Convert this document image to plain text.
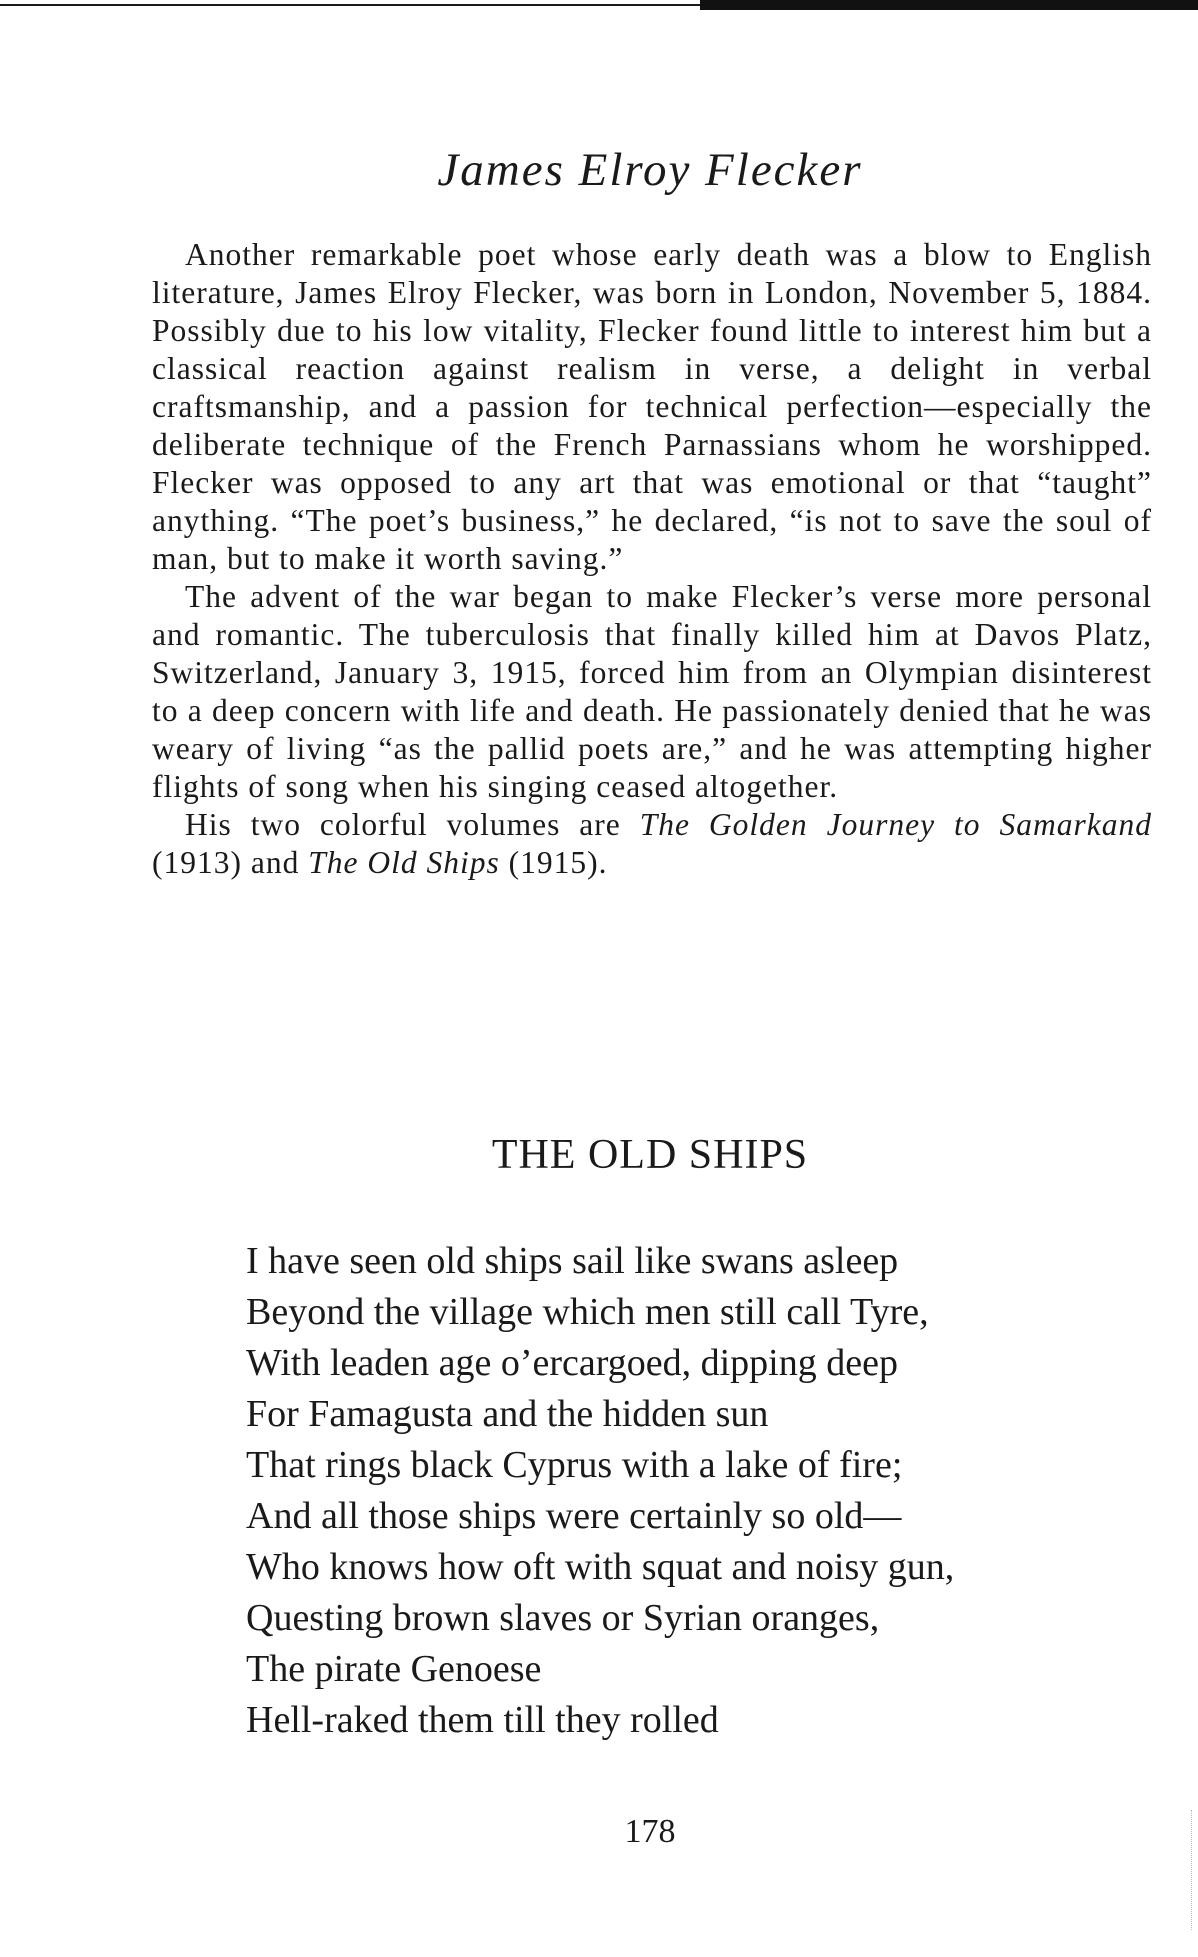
James Elroy Flecker

Another remarkable poet whose early death was a blow to English literature, James Elroy Flecker, was born in London, November 5, 1884. Possibly due to his low vitality, Flecker found little to interest him but a classical reaction against realism in verse, a delight in verbal craftsmanship, and a passion for technical perfection—especially the deliberate technique of the French Parnassians whom he worshipped. Flecker was opposed to any art that was emotional or that “taught” anything. “The poet’s business,” he declared, “is not to save the soul of man, but to make it worth saving.”

The advent of the war began to make Flecker’s verse more personal and romantic. The tuberculosis that finally killed him at Davos Platz, Switzerland, January 3, 1915, forced him from an Olympian disinterest to a deep concern with life and death. He passionately denied that he was weary of living “as the pallid poets are,” and he was attempting higher flights of song when his singing ceased altogether.

His two colorful volumes are The Golden Journey to Samarkand (1913) and The Old Ships (1915).

THE OLD SHIPS
I have seen old ships sail like swans asleep
Beyond the village which men still call Tyre,
With leaden age o’ercargoed, dipping deep
For Famagusta and the hidden sun
That rings black Cyprus with a lake of fire;
And all those ships were certainly so old—
Who knows how oft with squat and noisy gun,
Questing brown slaves or Syrian oranges,
The pirate Genoese
Hell-raked them till they rolled
178
